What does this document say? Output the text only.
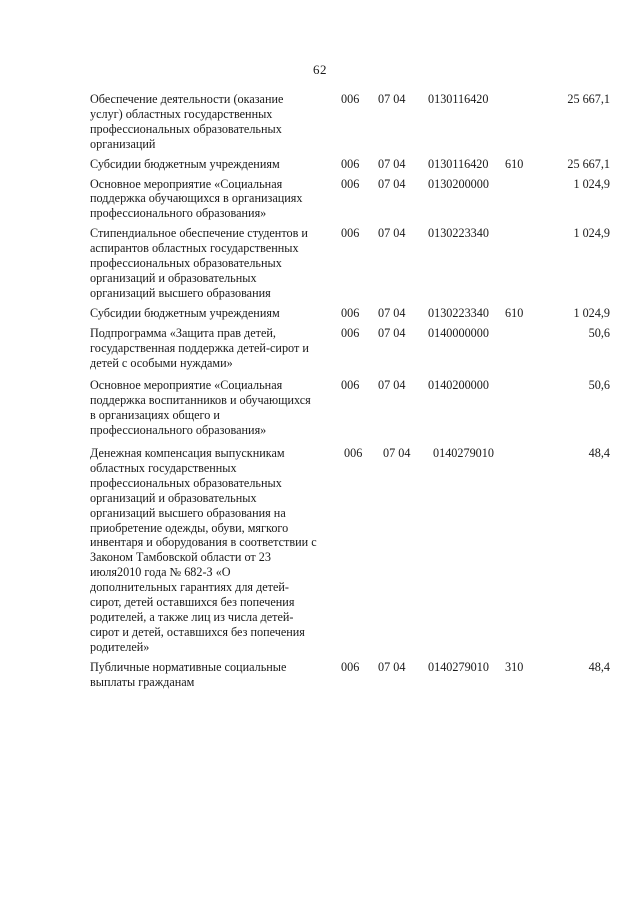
62
Обеспечение деятельности (оказание услуг) областных государственных профессиональных образовательных организаций
006 07 04 0130116420	25 667,1
Субсидии бюджетным учреждениям	006 07 04 0130116420 610	25 667,1
Основное мероприятие «Социальная поддержка обучающихся в организациях профессионального образования»
006 07 04 0130200000	1 024,9
Стипендиальное обеспечение студентов и аспирантов областных государственных профессиональных образовательных организаций и образовательных организаций высшего образования
006 07 04 0130223340	1 024,9
Субсидии бюджетным учреждениям	006 07 04 0130223340 610	1 024,9
Подпрограмма «Защита прав детей, государственная поддержка детей-сирот и детей с особыми нуждами»
006 07 04 0140000000	50,6
Основное мероприятие «Социальная поддержка воспитанников и обучающихся в организациях общего и профессионального образования»
006 07 04 0140200000	50,6
Денежная компенсация выпускникам областных государственных профессиональных образовательных организаций и образовательных организаций высшего образования на приобретение одежды, обуви, мягкого инвентаря и оборудования в соответствии с Законом Тамбовской области от 23 июля2010 года № 682-З «О дополнительных гарантиях для детей-сирот, детей оставшихся без попечения родителей, а также лиц из числа детей-сирот и детей, оставшихся без попечения родителей»
006 07 04 0140279010	48,4
Публичные нормативные социальные выплаты гражданам
006 07 04 0140279010 310	48,4
